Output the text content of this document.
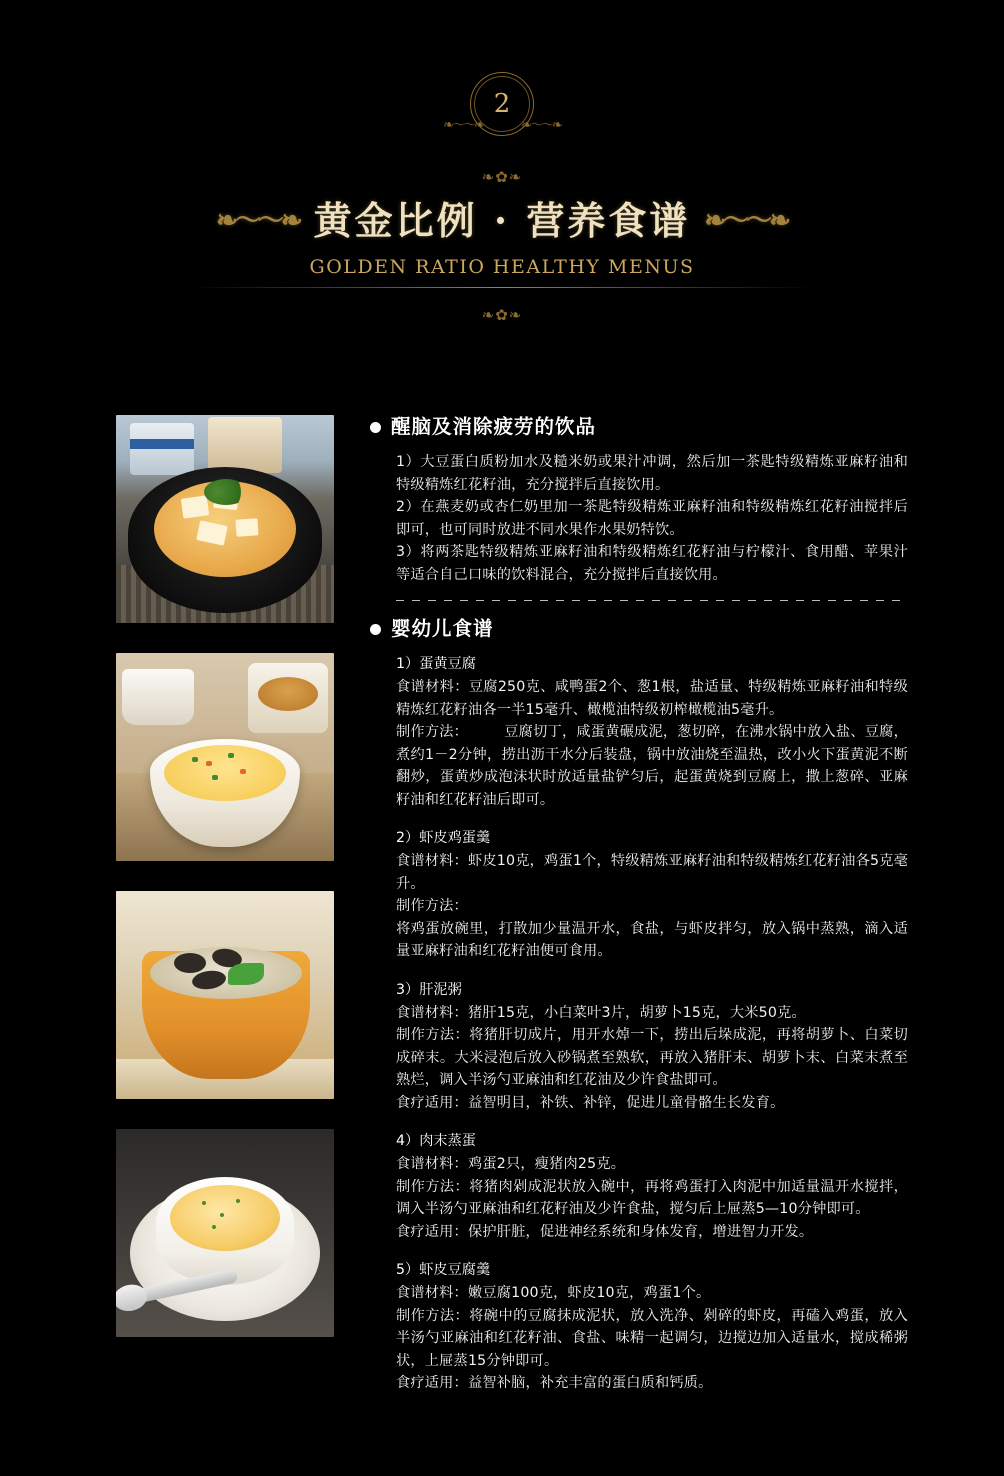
2
❧～～❧	❧～～❧
❧✿❧
❧～～❧ 黄金比例 · 营养食谱 ❧～～❧
GOLDEN RATIO HEALTHY MENUS
❧✿❧
醒脑及消除疲劳的饮品

1）大豆蛋白质粉加水及糙米奶或果汁冲调，然后加一茶匙特级精炼亚麻籽油和特级精炼红花籽油，充分搅拌后直接饮用。

2）在燕麦奶或杏仁奶里加一茶匙特级精炼亚麻籽油和特级精炼红花籽油搅拌后即可，也可同时放进不同水果作水果奶特饮。

3）将两茶匙特级精炼亚麻籽油和特级精炼红花籽油与柠檬汁、食用醋、苹果汁等适合自己口味的饮料混合，充分搅拌后直接饮用。

婴幼儿食谱

1）蛋黄豆腐

食谱材料：豆腐250克、咸鸭蛋2个、葱1根，盐适量、特级精炼亚麻籽油和特级精炼红花籽油各一半15毫升、橄榄油特级初榨橄榄油5毫升。

制作方法：　　　豆腐切丁，咸蛋黄碾成泥，葱切碎，在沸水锅中放入盐、豆腐，煮约1－2分钟，捞出沥干水分后装盘，锅中放油烧至温热，改小火下蛋黄泥不断翻炒，蛋黄炒成泡沫状时放适量盐铲匀后，起蛋黄烧到豆腐上，撒上葱碎、亚麻籽油和红花籽油后即可。

2）虾皮鸡蛋羹

食谱材料：虾皮10克，鸡蛋1个，特级精炼亚麻籽油和特级精炼红花籽油各5克毫升。

制作方法：

将鸡蛋放碗里，打散加少量温开水，食盐，与虾皮拌匀，放入锅中蒸熟，滴入适量亚麻籽油和红花籽油便可食用。

3）肝泥粥

食谱材料：猪肝15克，小白菜叶3片，胡萝卜15克，大米50克。

制作方法：将猪肝切成片，用开水焯一下，捞出后垛成泥，再将胡萝卜、白菜切成碎末。大米浸泡后放入砂锅煮至熟软，再放入猪肝末、胡萝卜末、白菜末煮至熟烂，调入半汤勺亚麻油和红花油及少许食盐即可。

食疗适用：益智明目，补铁、补锌，促进儿童骨骼生长发育。

4）肉末蒸蛋

食谱材料：鸡蛋2只，瘦猪肉25克。

制作方法：将猪肉剁成泥状放入碗中，再将鸡蛋打入肉泥中加适量温开水搅拌，调入半汤勺亚麻油和红花籽油及少许食盐，搅匀后上屉蒸5—10分钟即可。

食疗适用：保护肝脏，促进神经系统和身体发育，增进智力开发。

5）虾皮豆腐羹

食谱材料：嫩豆腐100克，虾皮10克，鸡蛋1个。

制作方法：将碗中的豆腐抹成泥状，放入洗净、剁碎的虾皮，再磕入鸡蛋，放入半汤勺亚麻油和红花籽油、食盐、味精一起调匀，边搅边加入适量水，搅成稀粥状，上屉蒸15分钟即可。

食疗适用：益智补脑，补充丰富的蛋白质和钙质。
